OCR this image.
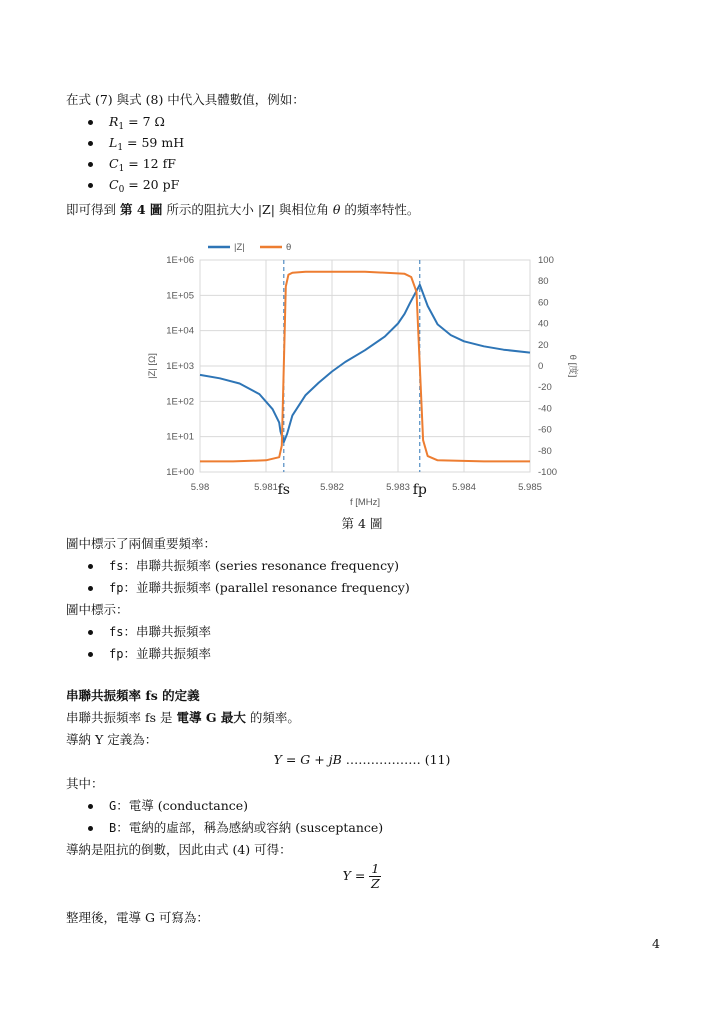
在式 (7) 與式 (8) 中代入具體數值，例如：
$R_1 = 7$ Ω
$L_1 = 59$ mH
$C_1 = 12$ fF
$C_0 = 20$ pF
即可得到 第 4 圖 所示的阻抗大小 |Z| 與相位角 θ 的頻率特性。
1E+00
1E+01
1E+02
1E+03
1E+04
1E+05
1E+06	100
80
60
40
20
0
-20
-40
-60
-80
-100
5.98	5.981	5.982	5.983	5.984	5.985
fs	fp
f [MHz]
|Z| [Ω]	θ [度]
|Z|	θ
第 4 圖
圖中標示了兩個重要頻率：
fs：串聯共振頻率 (series resonance frequency)
fp：並聯共振頻率 (parallel resonance frequency)
圖中標示：
fs：串聯共振頻率
fp：並聯共振頻率
串聯共振頻率 fs 的定義
串聯共振頻率 fs 是 電導 G 最大 的頻率。
導納 Y 定義為：
Y = G + jB ……………… (11)
其中：
G：電導 (conductance)
B：電納的虛部，稱為感納或容納 (susceptance)
導納是阻抗的倒數，因此由式 (4) 可得：
$Y = \frac{1}{Z}$
整理後，電導 G 可寫為：
4
